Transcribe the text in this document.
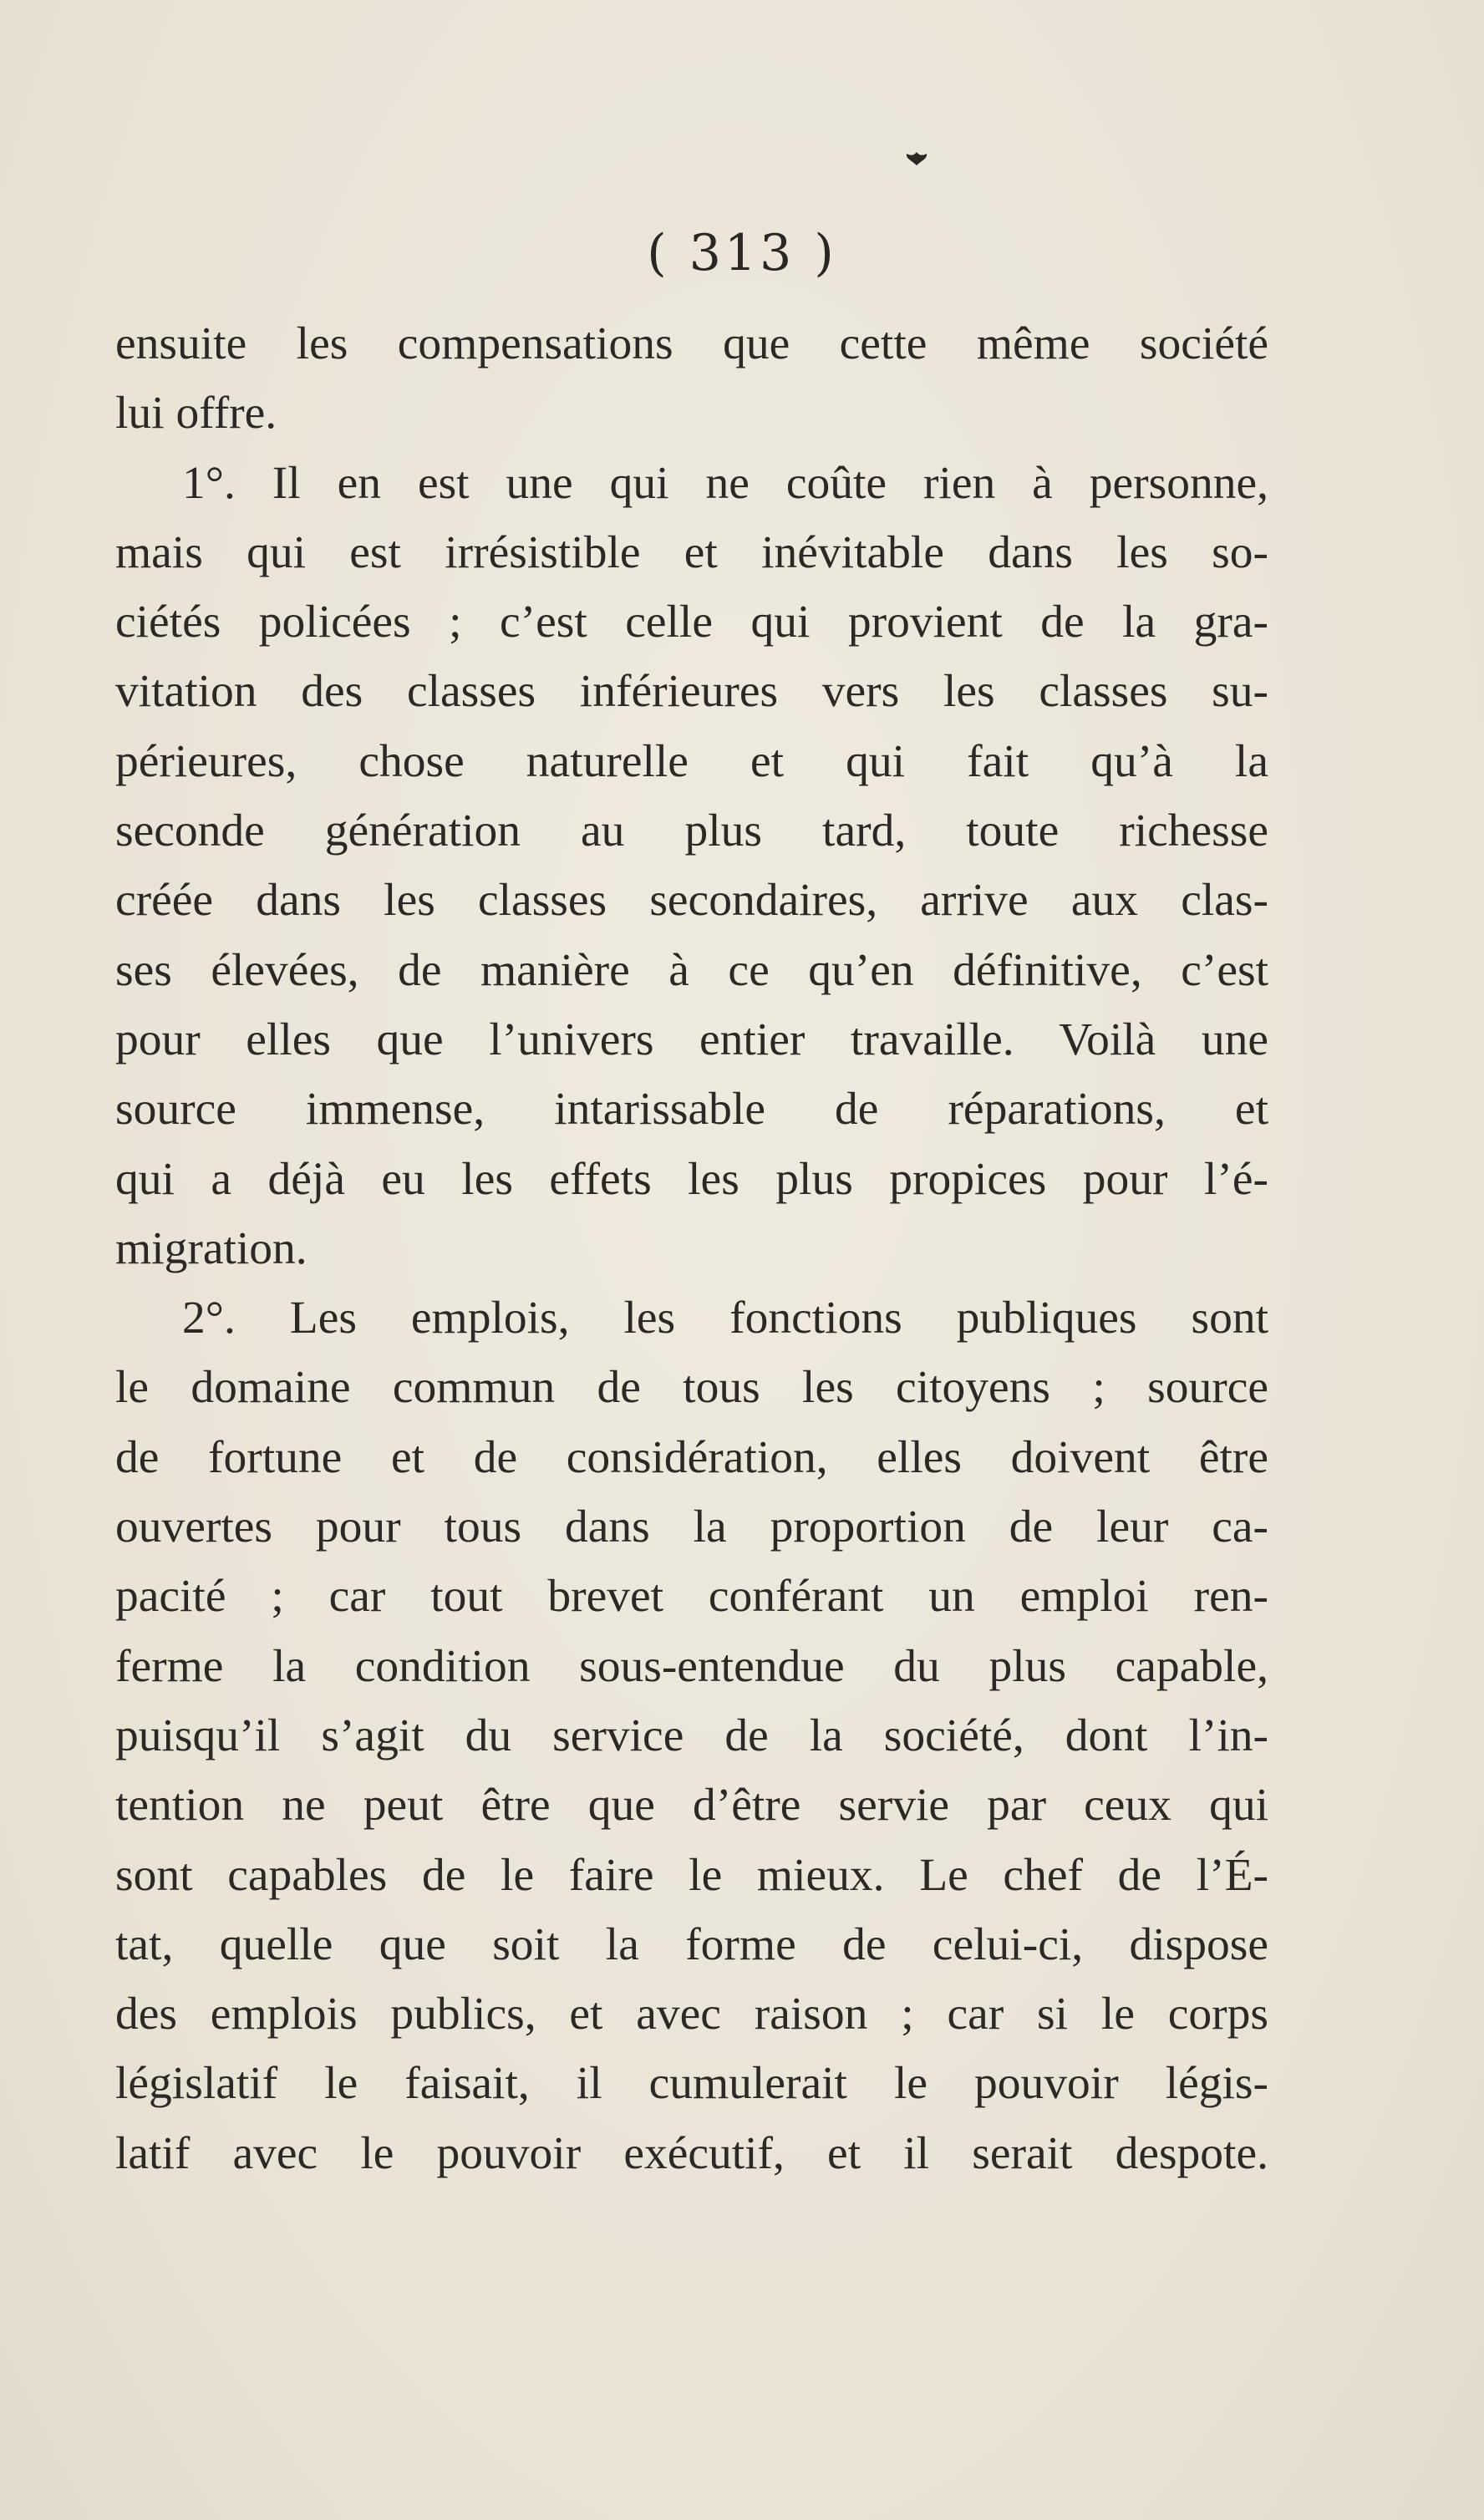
( 313 )
ensuite les compensations que cette même société
lui offre.
1°. Il en est une qui ne coûte rien à personne,
mais qui est irrésistible et inévitable dans les so-
ciétés policées ; c’est celle qui provient de la gra-
vitation des classes inférieures vers les classes su-
périeures, chose naturelle et qui fait qu’à la
seconde génération au plus tard, toute richesse
créée dans les classes secondaires, arrive aux clas-
ses élevées, de manière à ce qu’en définitive, c’est
pour elles que l’univers entier travaille. Voilà une
source immense, intarissable de réparations, et
qui a déjà eu les effets les plus propices pour l’é-
migration.
2°. Les emplois, les fonctions publiques sont
le domaine commun de tous les citoyens ; source
de fortune et de considération, elles doivent être
ouvertes pour tous dans la proportion de leur ca-
pacité ; car tout brevet conférant un emploi ren-
ferme la condition sous-entendue du plus capable,
puisqu’il s’agit du service de la société, dont l’in-
tention ne peut être que d’être servie par ceux qui
sont capables de le faire le mieux. Le chef de l’É-
tat, quelle que soit la forme de celui-ci, dispose
des emplois publics, et avec raison ; car si le corps
législatif le faisait, il cumulerait le pouvoir légis-
latif avec le pouvoir exécutif, et il serait despote.
